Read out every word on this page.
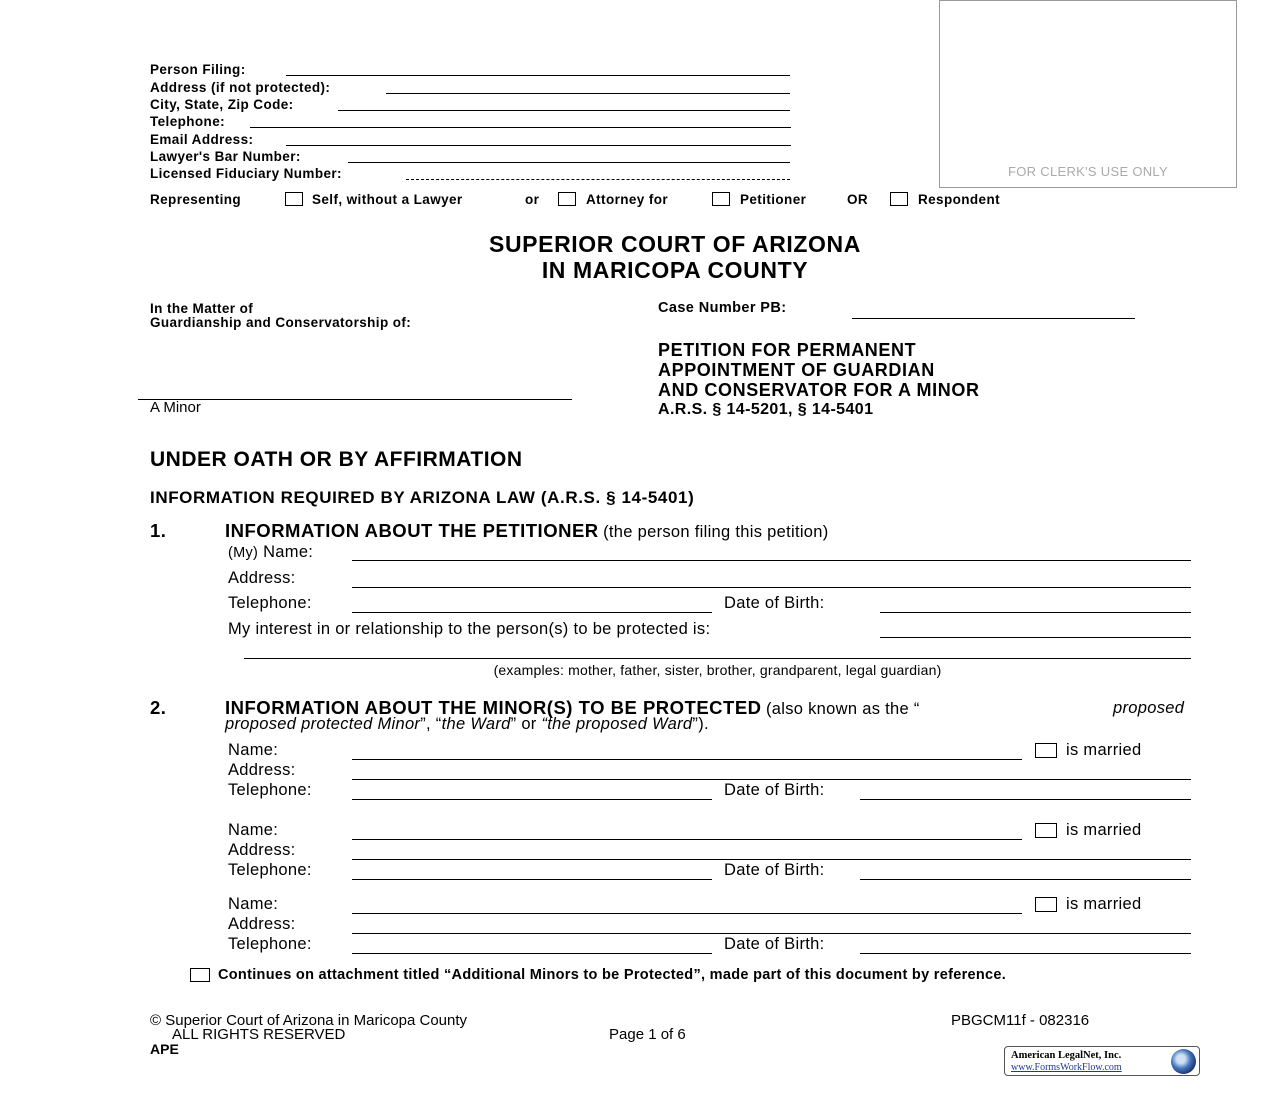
FOR CLERK'S USE ONLY
Person Filing:
Address (if not protected):
City, State, Zip Code:
Telephone:
Email Address:
Lawyer's Bar Number:
Licensed Fiduciary Number:
Representing	Self, without a Lawyer	or	Attorney for	Petitioner	OR	Respondent
SUPERIOR COURT OF ARIZONA
IN MARICOPA COUNTY
In the Matter of
Guardianship and Conservatorship of:
A Minor
Case Number PB:
PETITION FOR PERMANENT
APPOINTMENT OF GUARDIAN
AND CONSERVATOR FOR A MINOR
A.R.S. § 14-5201, § 14-5401
UNDER OATH OR BY AFFIRMATION
INFORMATION REQUIRED BY ARIZONA LAW (A.R.S. § 14-5401)
1.	INFORMATION ABOUT THE PETITIONER (the person filing this petition)
(My) Name:
Address:
Telephone:	Date of Birth:
My interest in or relationship to the person(s) to be protected is:
(examples: mother, father, sister, brother, grandparent, legal guardian)
2.	INFORMATION ABOUT THE MINOR(S) TO BE PROTECTED (also known as the “	proposed
proposed protected Minor”, “the Ward” or “the proposed Ward”).
Name:	is married
Address:
Telephone:	Date of Birth:
Name:	is married
Address:
Telephone:	Date of Birth:
Name:	is married
Address:
Telephone:	Date of Birth:
Continues on attachment titled “Additional Minors to be Protected”, made part of this document by reference.
© Superior Court of Arizona in Maricopa County
ALL RIGHTS RESERVED	Page 1 of 6
PBGCM11f - 082316
APE	American LegalNet, Inc.
www.FormsWorkFlow.com
